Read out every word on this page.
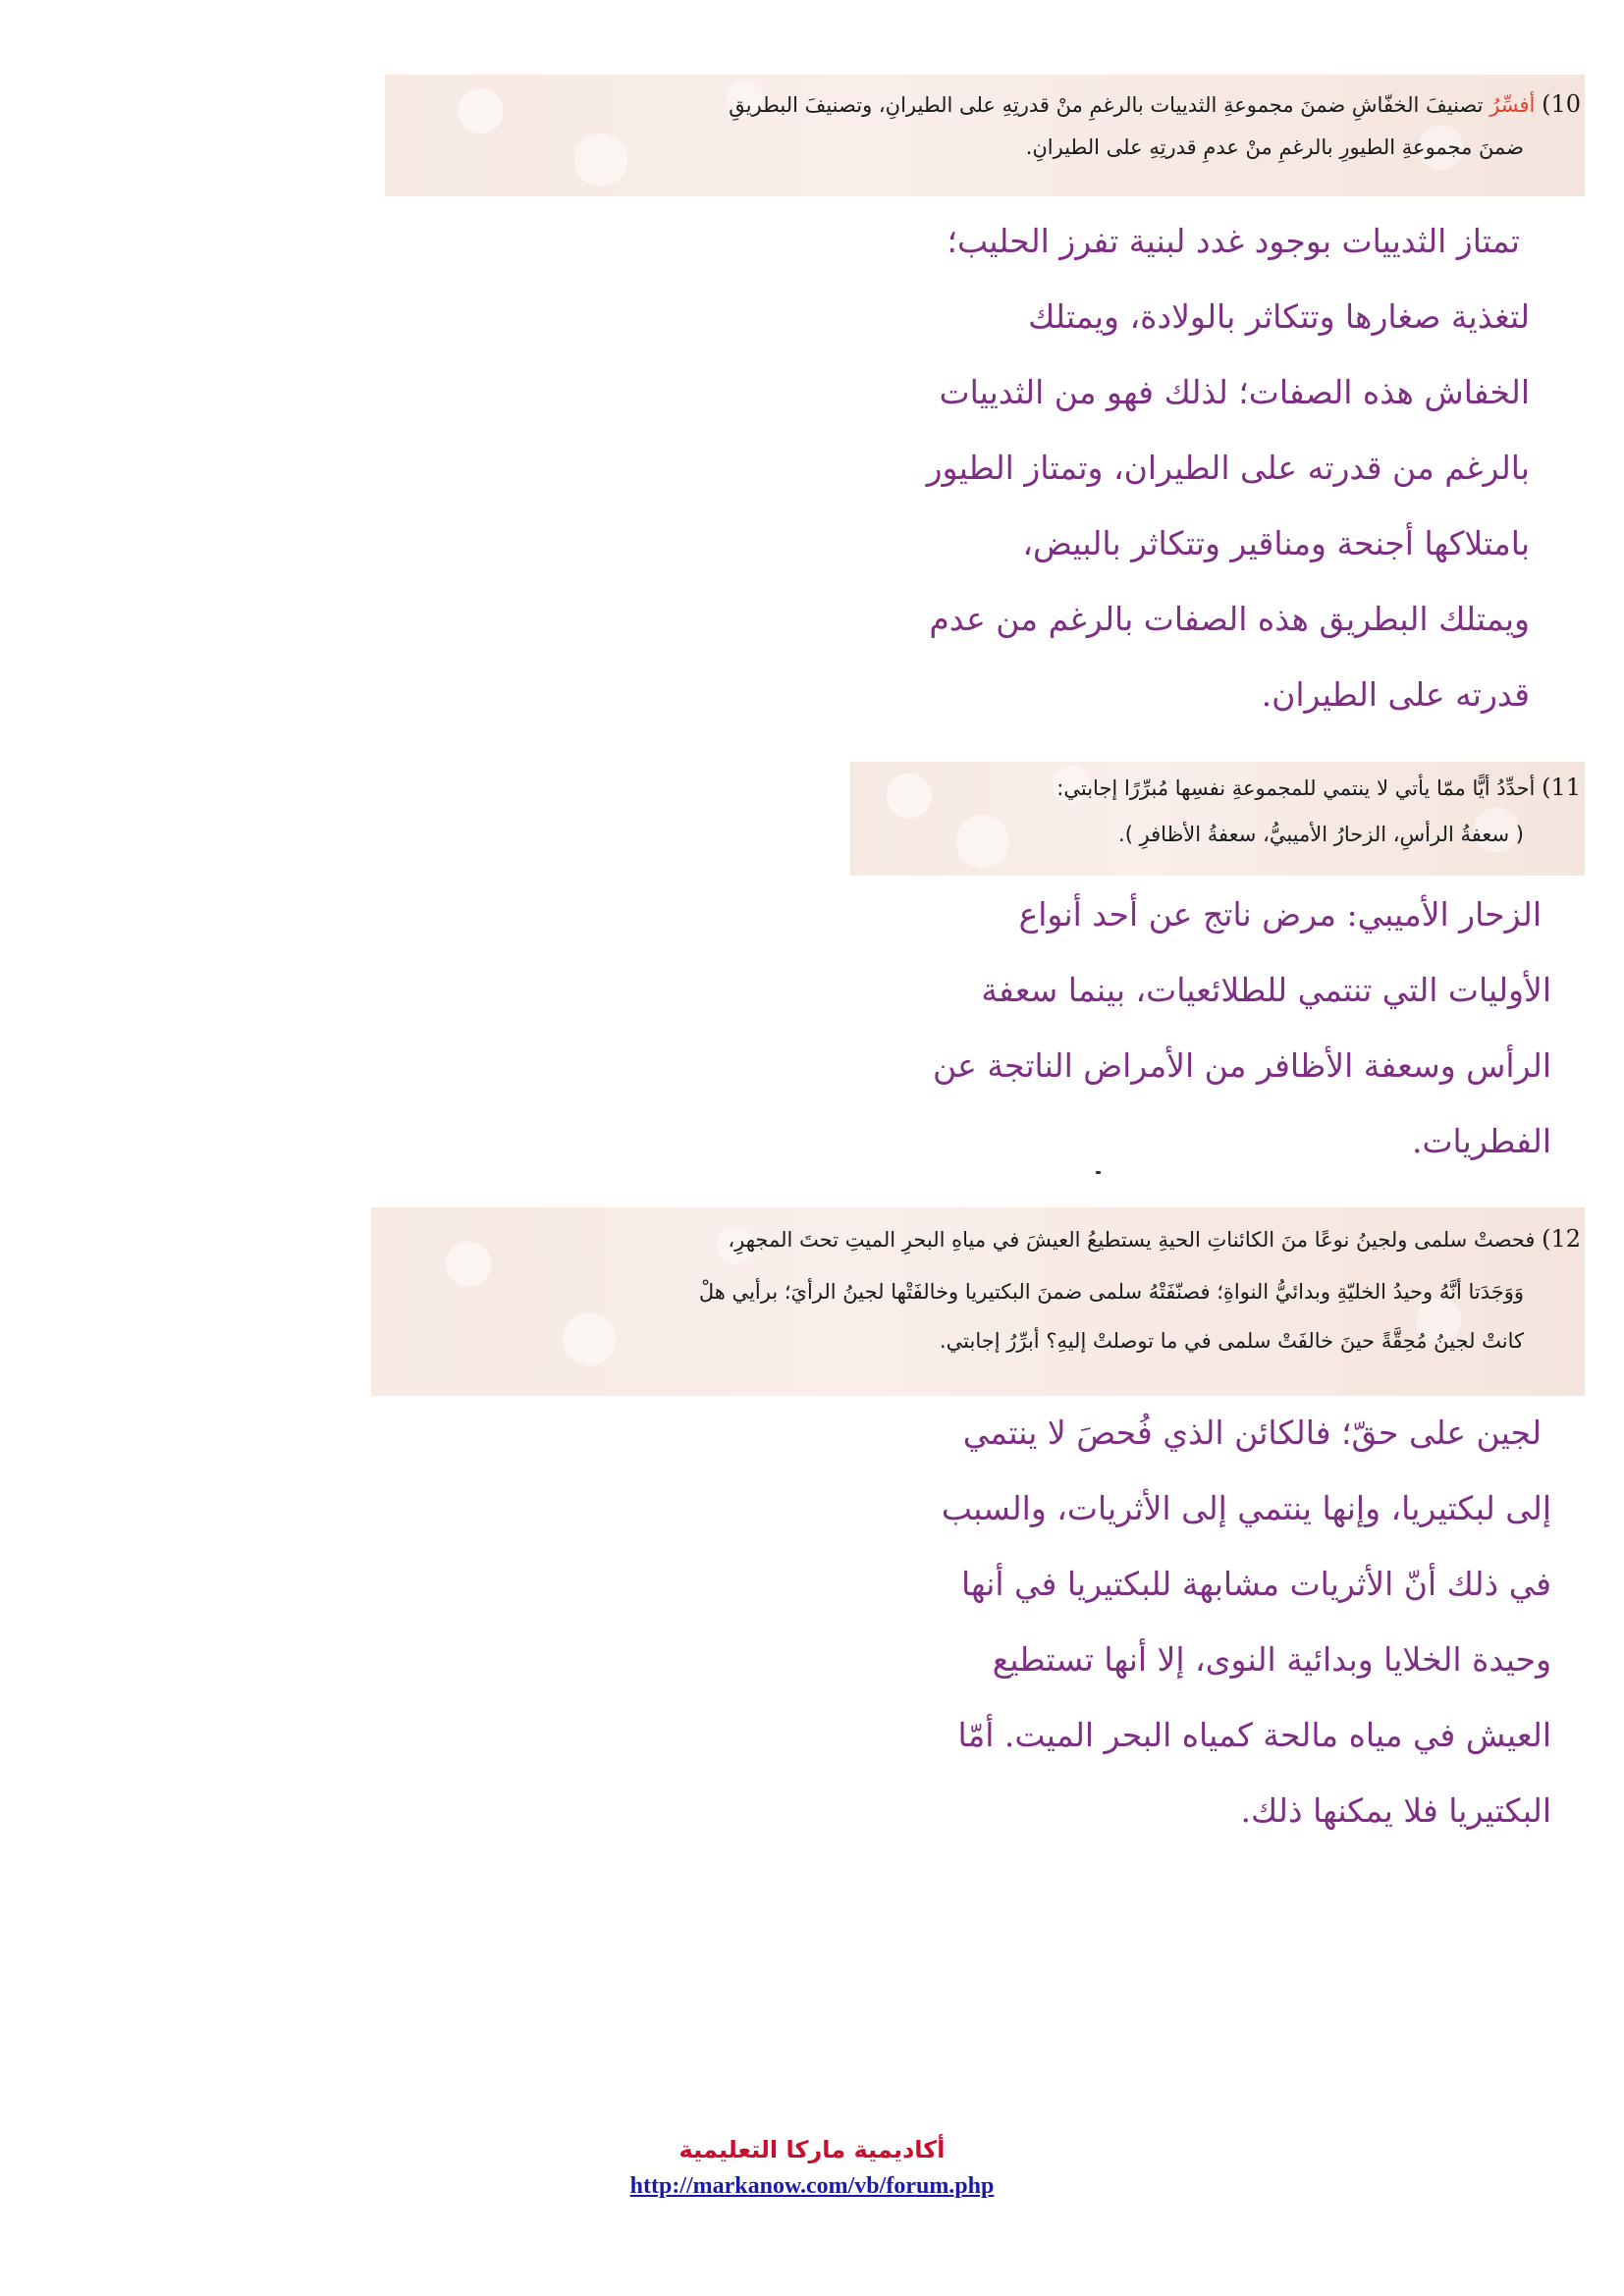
10) أفسِّرُ تصنيفَ الخفّاشِ ضمنَ مجموعةِ الثدييات بالرغمِ منْ قدرتِهِ على الطيرانِ، وتصنيفَ البطريقِ
ضمنَ مجموعةِ الطيورِ بالرغمِ منْ عدمِ قدرتِهِ على الطيرانِ.
تمتاز الثدييات بوجود غدد لبنية تفرز الحليب؛
لتغذية صغارها وتتكاثر بالولادة، ويمتلك
الخفاش هذه الصفات؛ لذلك فهو من الثدييات
بالرغم من قدرته على الطيران، وتمتاز الطيور
بامتلاكها أجنحة ومناقير وتتكاثر بالبيض،
ويمتلك البطريق هذه الصفات بالرغم من عدم
قدرته على الطيران.
11) أحدِّدُ أيًّا ممّا يأتي لا ينتمي للمجموعةِ نفسِها مُبرِّرًا إجابتي:
( سعفةُ الرأسِ، الزحارُ الأميبيُّ، سعفةُ الأظافرِ ).
الزحار الأميبي: مرض ناتج عن أحد أنواع
الأوليات التي تنتمي للطلائعيات، بينما سعفة
الرأس وسعفة الأظافر من الأمراض الناتجة عن
الفطريات.
12) فحصتْ سلمى ولجينُ نوعًا منَ الكائناتِ الحيةِ يستطيعُ العيشَ في مياهِ البحرِ الميتِ تحتَ المجهرِ،
وَوَجَدَتا أنَّهُ وحيدُ الخليّةِ وبدائيُّ النواةِ؛ فصنّفَتْهُ سلمى ضمنَ البكتيريا وخالفَتْها لجينُ الرأيَ؛ برأيي هلْ
كانتْ لجينُ مُحِقَّةً حينَ خالفَتْ سلمى في ما توصلتْ إليهِ؟ أبرِّرُ إجابتي.
لجين على حقّ؛ فالكائن الذي فُحصَ لا ينتمي
إلى لبكتيريا، وإنها ينتمي إلى الأثريات، والسبب
في ذلك أنّ الأثريات مشابهة للبكتيريا في أنها
وحيدة الخلايا وبدائية النوى، إلا أنها تستطيع
العيش في مياه مالحة كمياه البحر الميت. أمّا
البكتيريا فلا يمكنها ذلك.
أكاديمية ماركا التعليمية
http://markanow.com/vb/forum.php
